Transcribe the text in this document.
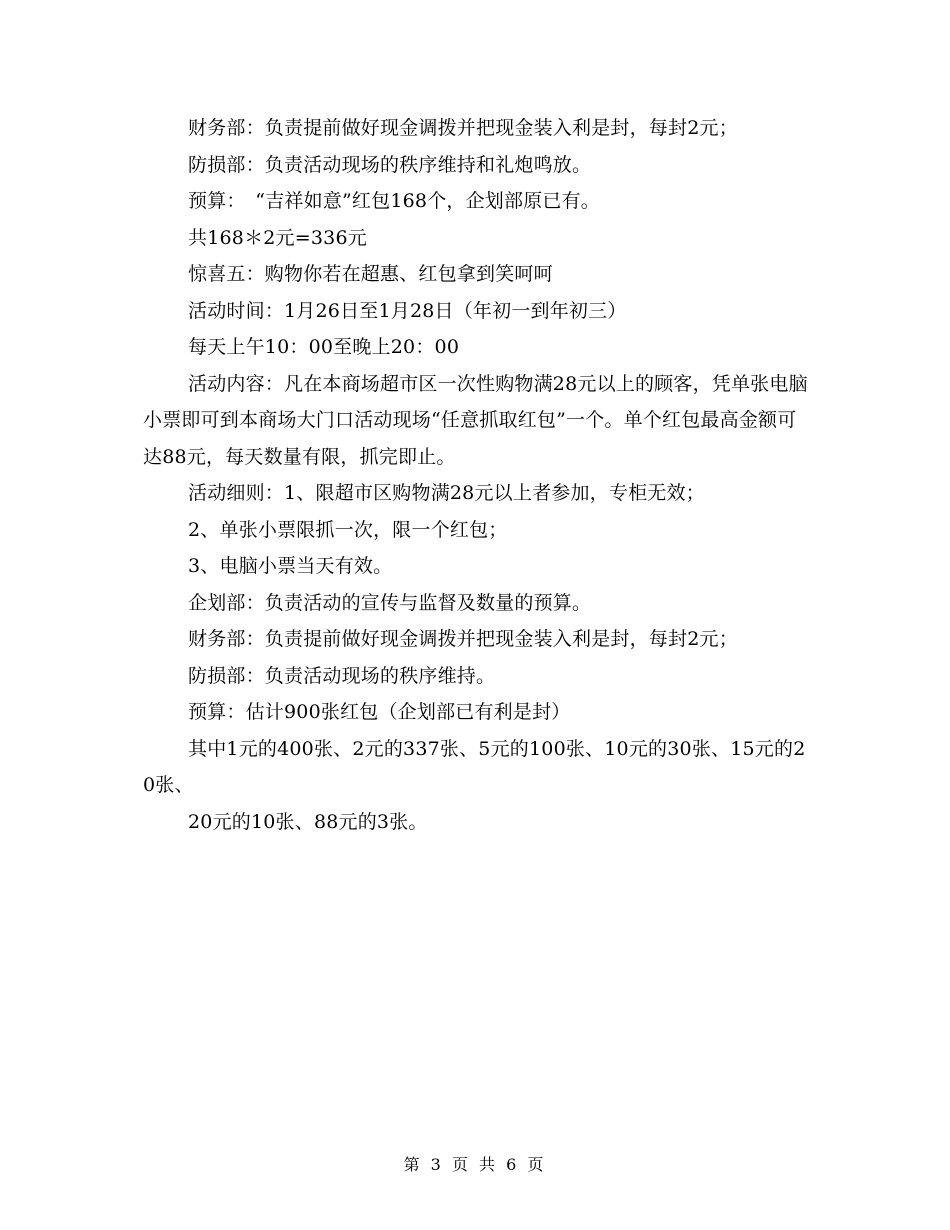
财务部：负责提前做好现金调拨并把现金装入利是封，每封2元；

防损部：负责活动现场的秩序维持和礼炮鸣放。

预算：　“吉祥如意”红包168个，企划部原已有。

共168＊2元=336元

惊喜五：购物你若在超惠、红包拿到笑呵呵

活动时间：1月26日至1月28日（年初一到年初三）

每天上午10：00至晚上20：00

活动内容：凡在本商场超市区一次性购物满28元以上的顾客，凭单张电脑小票即可到本商场大门口活动现场“任意抓取红包”一个。单个红包最高金额可达88元，每天数量有限，抓完即止。

活动细则：1、限超市区购物满28元以上者参加，专柜无效；

2、单张小票限抓一次，限一个红包；

3、电脑小票当天有效。

企划部：负责活动的宣传与监督及数量的预算。

财务部：负责提前做好现金调拨并把现金装入利是封，每封2元；

防损部：负责活动现场的秩序维持。

预算：估计900张红包（企划部已有利是封）

其中1元的400张、2元的337张、5元的100张、10元的30张、15元的20张、

20元的10张、88元的3张。

第 3 页 共 6 页
